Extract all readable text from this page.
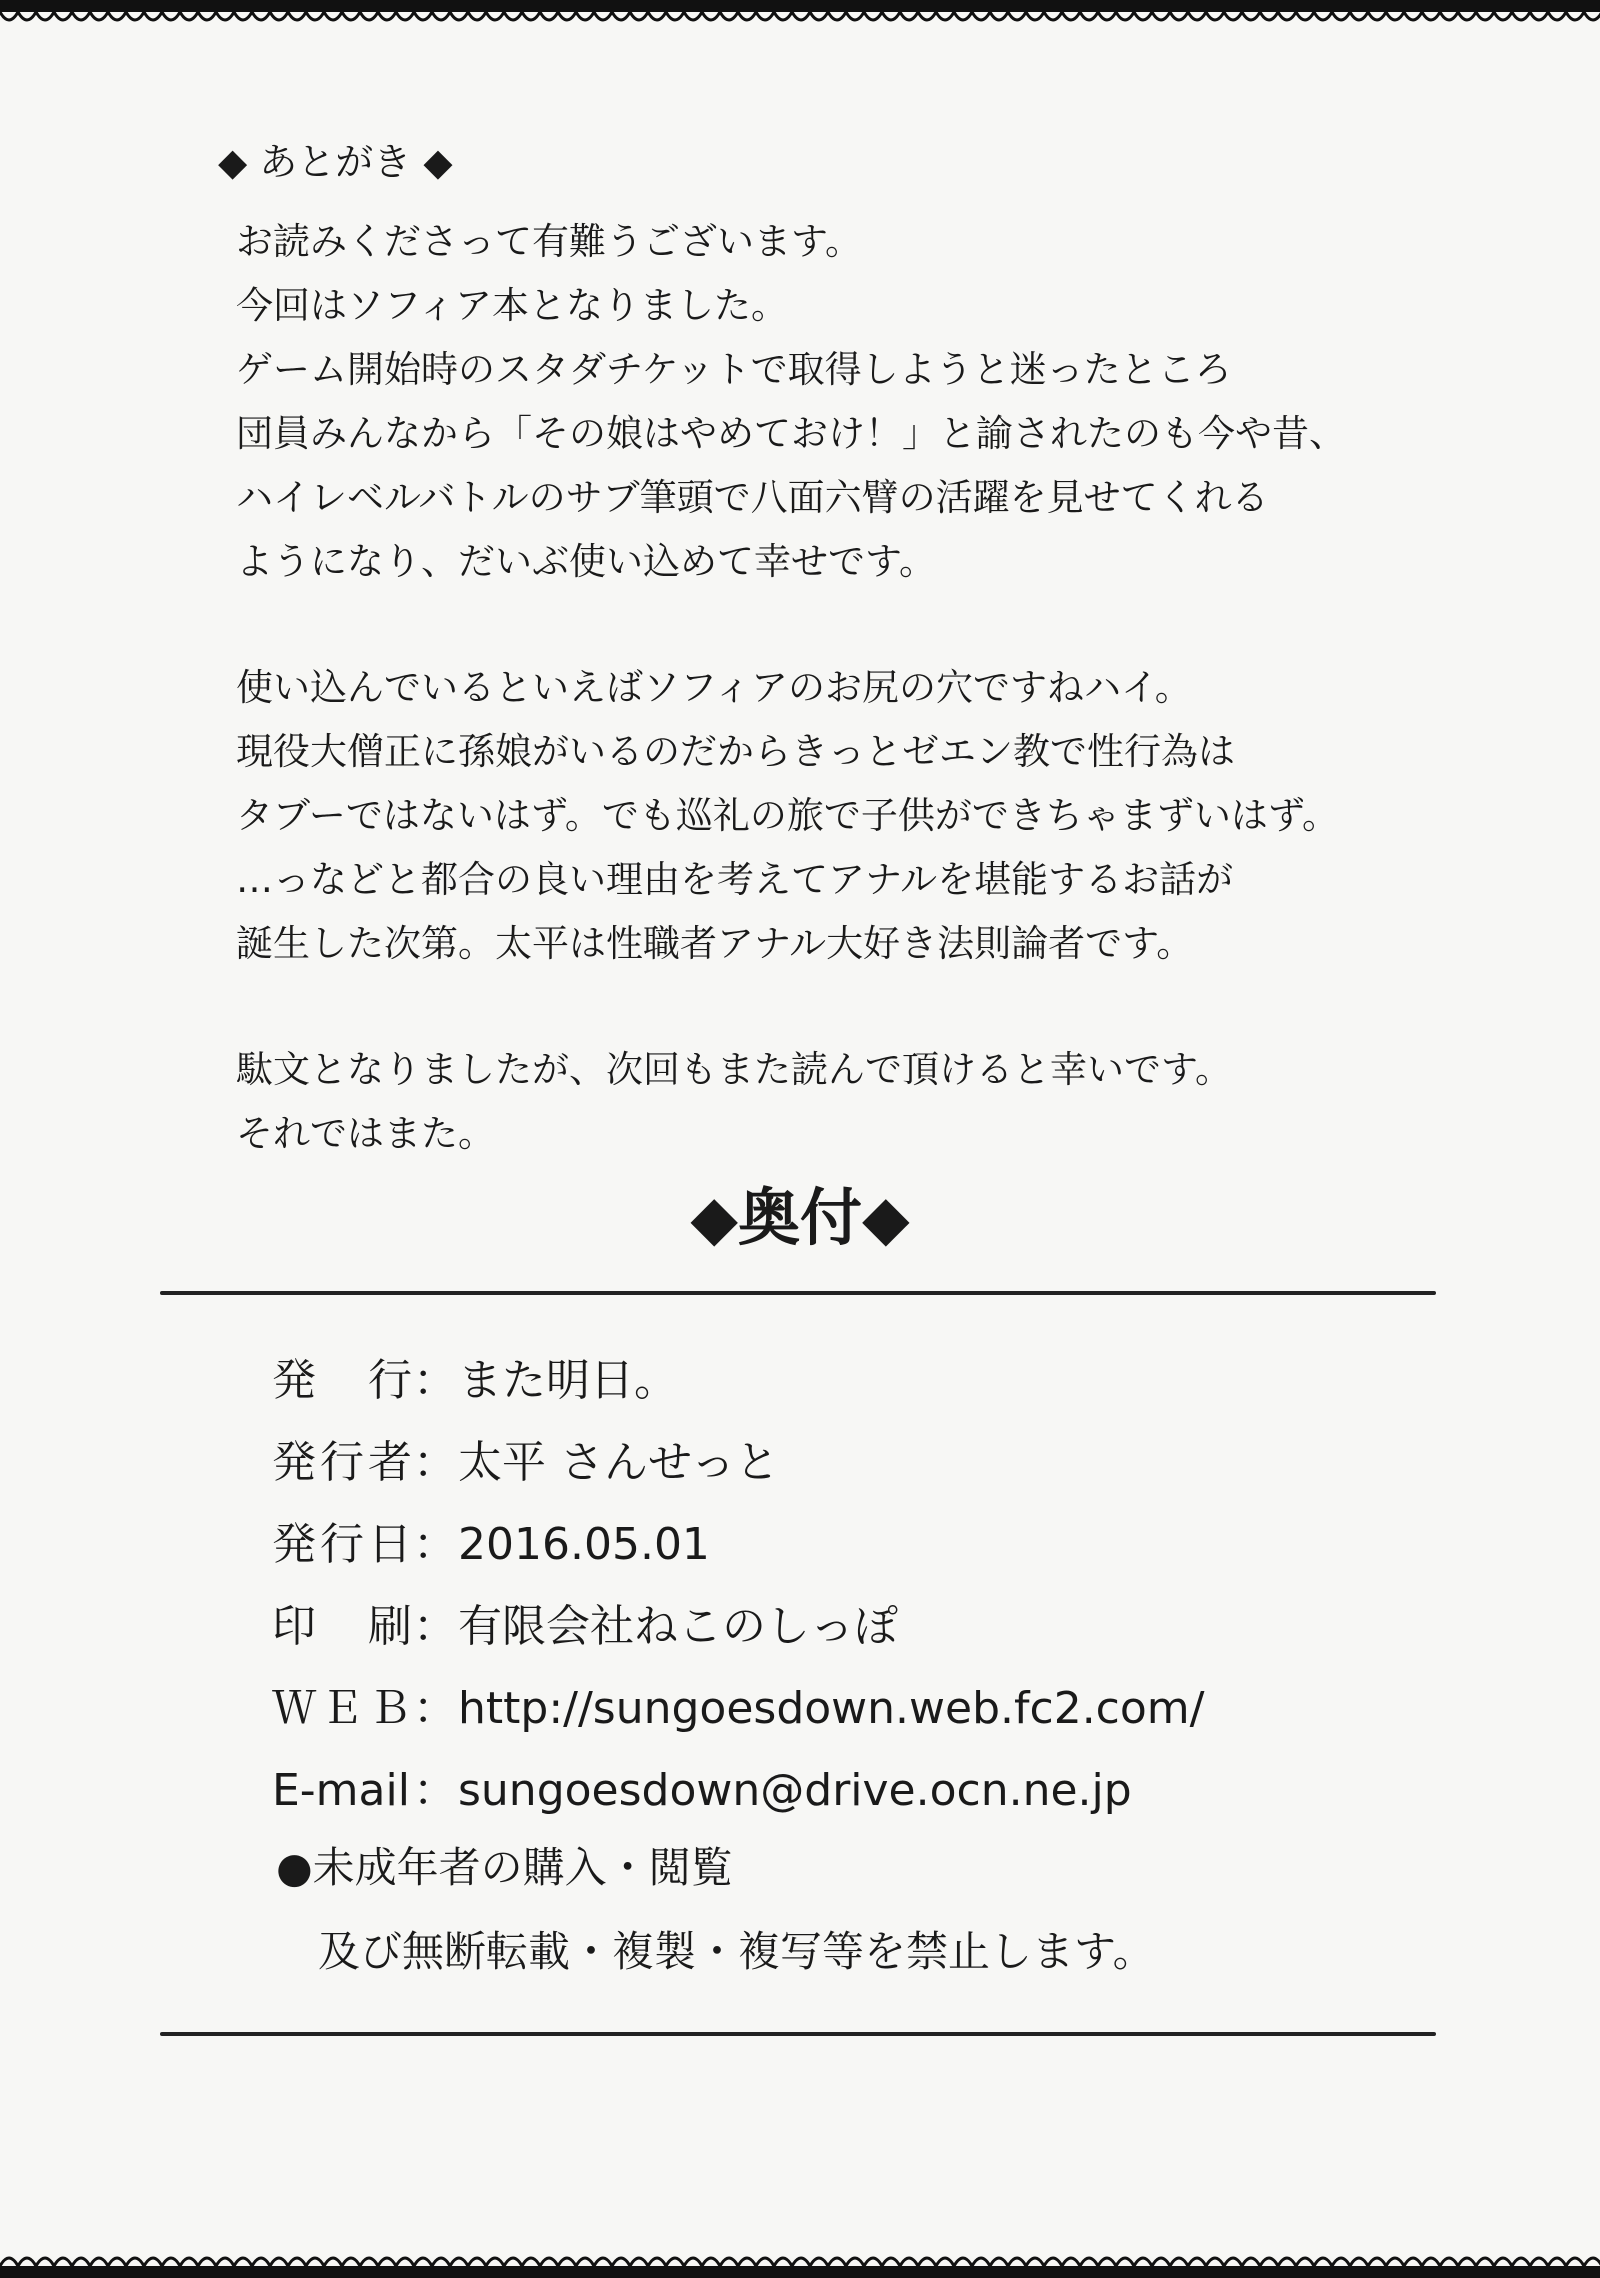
◆ あとがき ◆
お読みくださって有難うございます。
今回はソフィア本となりました。
ゲーム開始時のスタダチケットで取得しようと迷ったところ
団員みんなから「その娘はやめておけ！」と諭されたのも今や昔、
ハイレベルバトルのサブ筆頭で八面六臂の活躍を見せてくれる
ようになり、だいぶ使い込めて幸せです。
使い込んでいるといえばソフィアのお尻の穴ですねハイ。
現役大僧正に孫娘がいるのだからきっとゼエン教で性行為は
タブーではないはず。でも巡礼の旅で子供ができちゃまずいはず。
…っなどと都合の良い理由を考えてアナルを堪能するお話が
誕生した次第。太平は性職者アナル大好き法則論者です。
駄文となりましたが、次回もまた読んで頂けると幸いです。
それではまた。
◆奥付◆
発　行 ： また明日。
発行者 ： 太平 さんせっと
発行日 ： 2016.05.01
印　刷 ： 有限会社ねこのしっぽ
ＷＥＢ ： http://sungoesdown.web.fc2.com/
E-mail ： sungoesdown@drive.ocn.ne.jp
●未成年者の購入・閲覧
及び無断転載・複製・複写等を禁止します。
